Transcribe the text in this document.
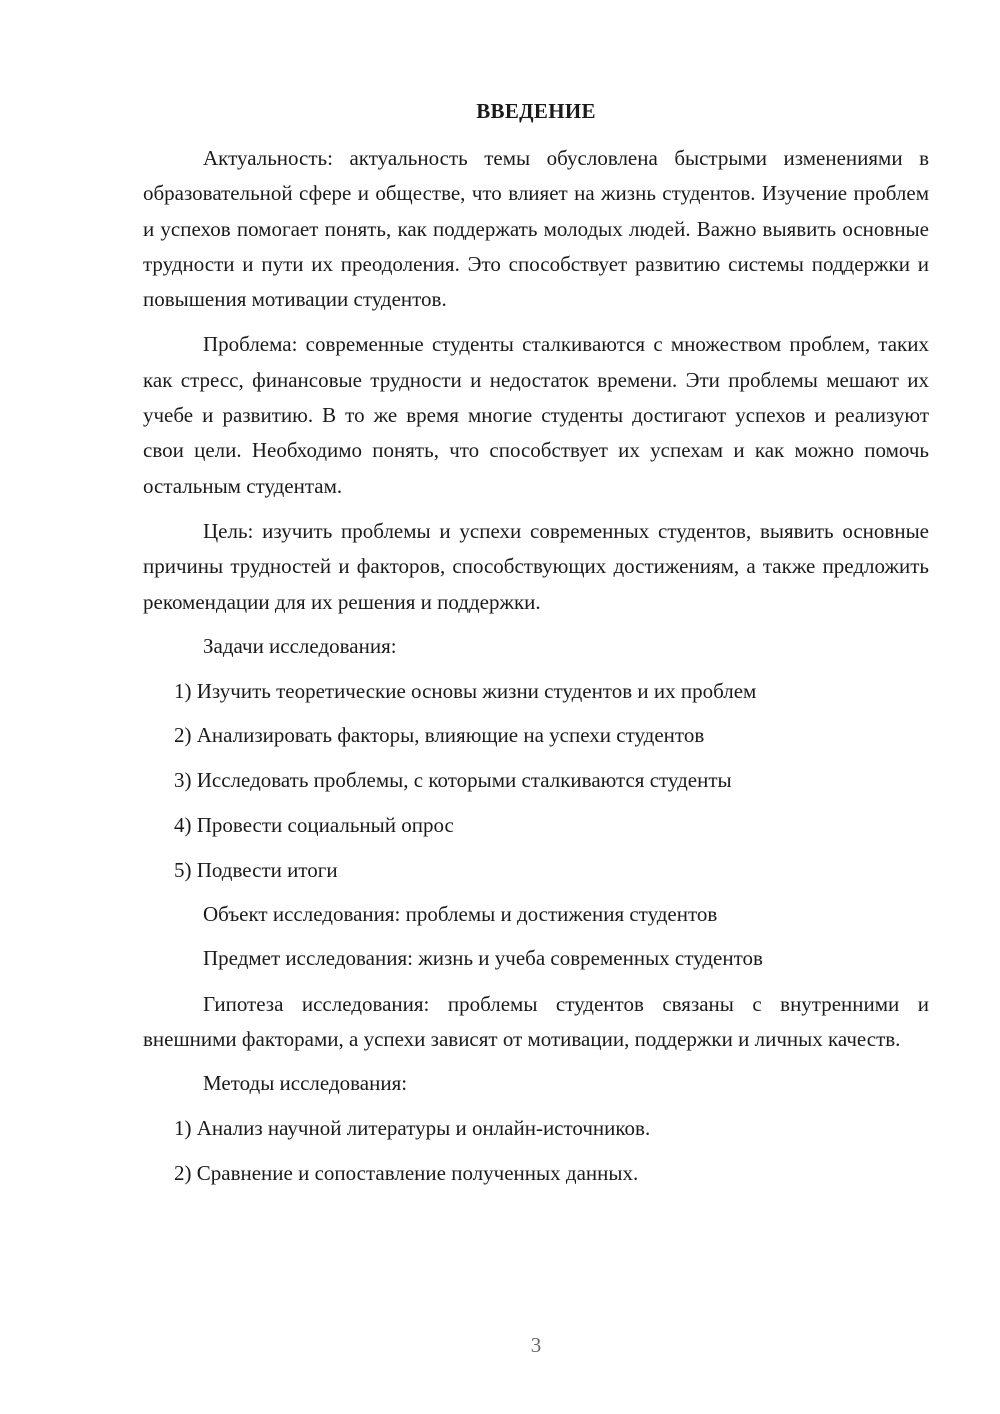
ВВЕДЕНИЕ

Актуальность: актуальность темы обусловлена быстрыми изменениями в образовательной сфере и обществе, что влияет на жизнь студентов. Изучение проблем и успехов помогает понять, как поддержать молодых людей. Важно выявить основные трудности и пути их преодоления. Это способствует развитию системы поддержки и повышения мотивации студентов.

Проблема: современные студенты сталкиваются с множеством проблем, таких как стресс, финансовые трудности и недостаток времени. Эти проблемы мешают их учебе и развитию. В то же время многие студенты достигают успехов и реализуют свои цели. Необходимо понять, что способствует их успехам и как можно помочь остальным студентам.

Цель: изучить проблемы и успехи современных студентов, выявить основные причины трудностей и факторов, способствующих достижениям, а также предложить рекомендации для их решения и поддержки.

Задачи исследования:

1) Изучить теоретические основы жизни студентов и их проблем

2) Анализировать факторы, влияющие на успехи студентов

3) Исследовать проблемы, с которыми сталкиваются студенты

4) Провести социальный опрос

5) Подвести итоги

Объект исследования: проблемы и достижения студентов

Предмет исследования: жизнь и учеба современных студентов

Гипотеза исследования: проблемы студентов связаны с внутренними и внешними факторами, а успехи зависят от мотивации, поддержки и личных качеств.

Методы исследования:

1) Анализ научной литературы и онлайн-источников.

2) Сравнение и сопоставление полученных данных.

3
